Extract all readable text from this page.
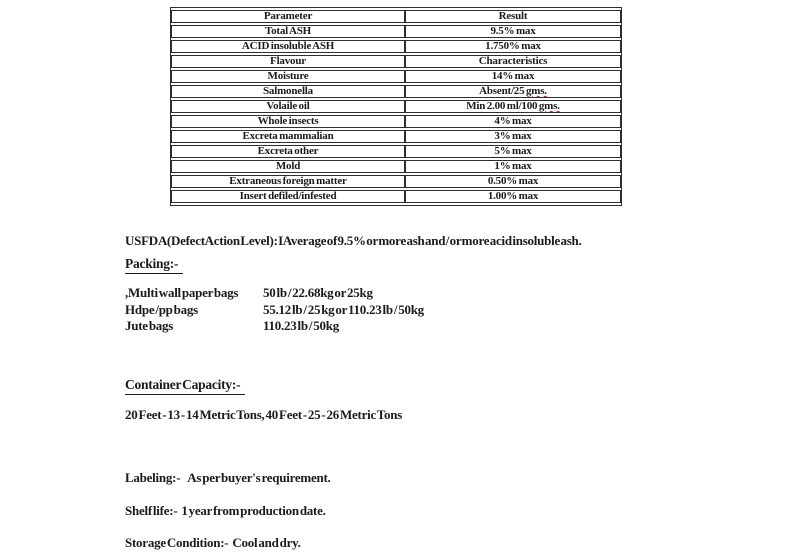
Parameter	Result
Total ASH	9.5% max
ACID insoluble ASH	1.750% max
Flavour	Characteristics
Moisture	14% max
Salmonella	Absent/25 gms.
Volaile oil	Min 2.00 ml/100 gms.
Whole insects	4% max
Excreta mammalian	3% max
Excreta other	5% max
Mold	1% max
Extraneous foreign matter	0.50% max
Insert defiled/infested	1.00% max
USFDA (Defect Action Level): I Average of 9.5% or more ash and / or more acid insoluble ash.
Packing:-
,Multi wall paper bags	50 lb / 22.68kg or 25kg
Hdpe /pp bags	55.12 lb / 25 kg or 110.23 lb / 50kg
Jute bags	110.23 lb / 50kg
Container Capacity:-
20 Feet - 13 - 14 Metric Tons, 40 Feet - 25 - 26 Metric Tons
Labeling:- As per buyer's requirement.
Shelf life:- 1 year from production date.
Storage Condition:- Cool and dry.
